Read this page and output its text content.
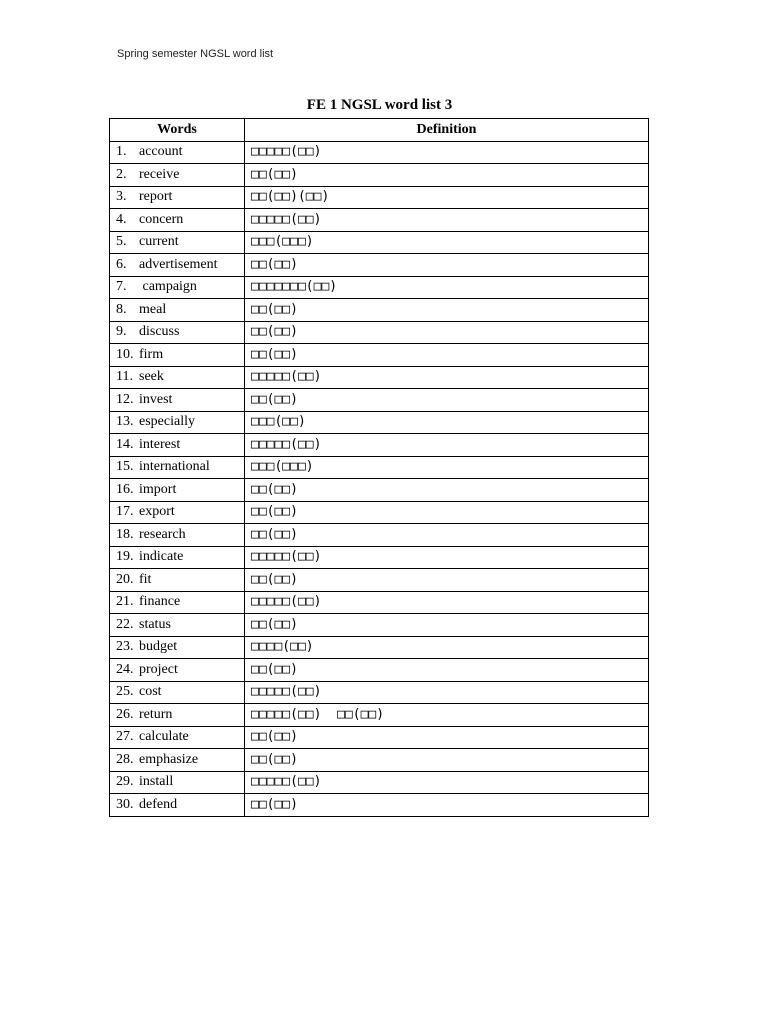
Spring semester NGSL word list
FE 1 NGSL word list 3
Words	Definition
1. account	□□□□□(□□)
2. receive	□□(□□)
3. report	□□(□□)(□□)
4. concern	□□□□□(□□)
5. current	□□□(□□□)
6. advertisement	□□(□□)
7. campaign	□□□□□□□(□□)
8. meal	□□(□□)
9. discuss	□□(□□)
10. firm	□□(□□)
11. seek	□□□□□(□□)
12. invest	□□(□□)
13. especially	□□□(□□)
14. interest	□□□□□(□□)
15. international	□□□(□□□)
16. import	□□(□□)
17. export	□□(□□)
18. research	□□(□□)
19. indicate	□□□□□(□□)
20. fit	□□(□□)
21. finance	□□□□□(□□)
22. status	□□(□□)
23. budget	□□□□(□□)
24. project	□□(□□)
25. cost	□□□□□(□□)
26. return	□□□□□(□□)  □□(□□)
27. calculate	□□(□□)
28. emphasize	□□(□□)
29. install	□□□□□(□□)
30. defend	□□(□□)
